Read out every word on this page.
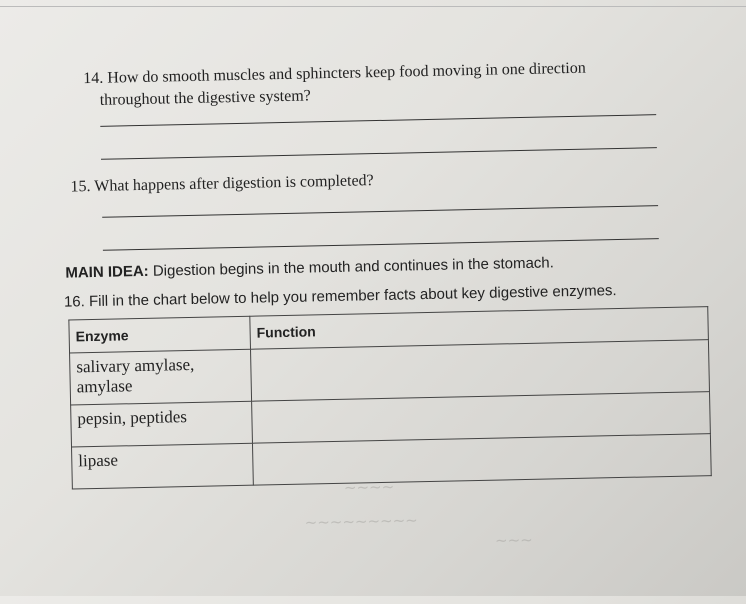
14. How do smooth muscles and sphincters keep food moving in one direction
throughout the digestive system?
15. What happens after digestion is completed?
MAIN IDEA: Digestion begins in the mouth and continues in the stomach.
16. Fill in the chart below to help you remember facts about key digestive enzymes.
Enzyme	Function
salivary amylase, amylase	
pepsin, peptides	
lipase	
~~~~
~~~~~~~~~
~~~
